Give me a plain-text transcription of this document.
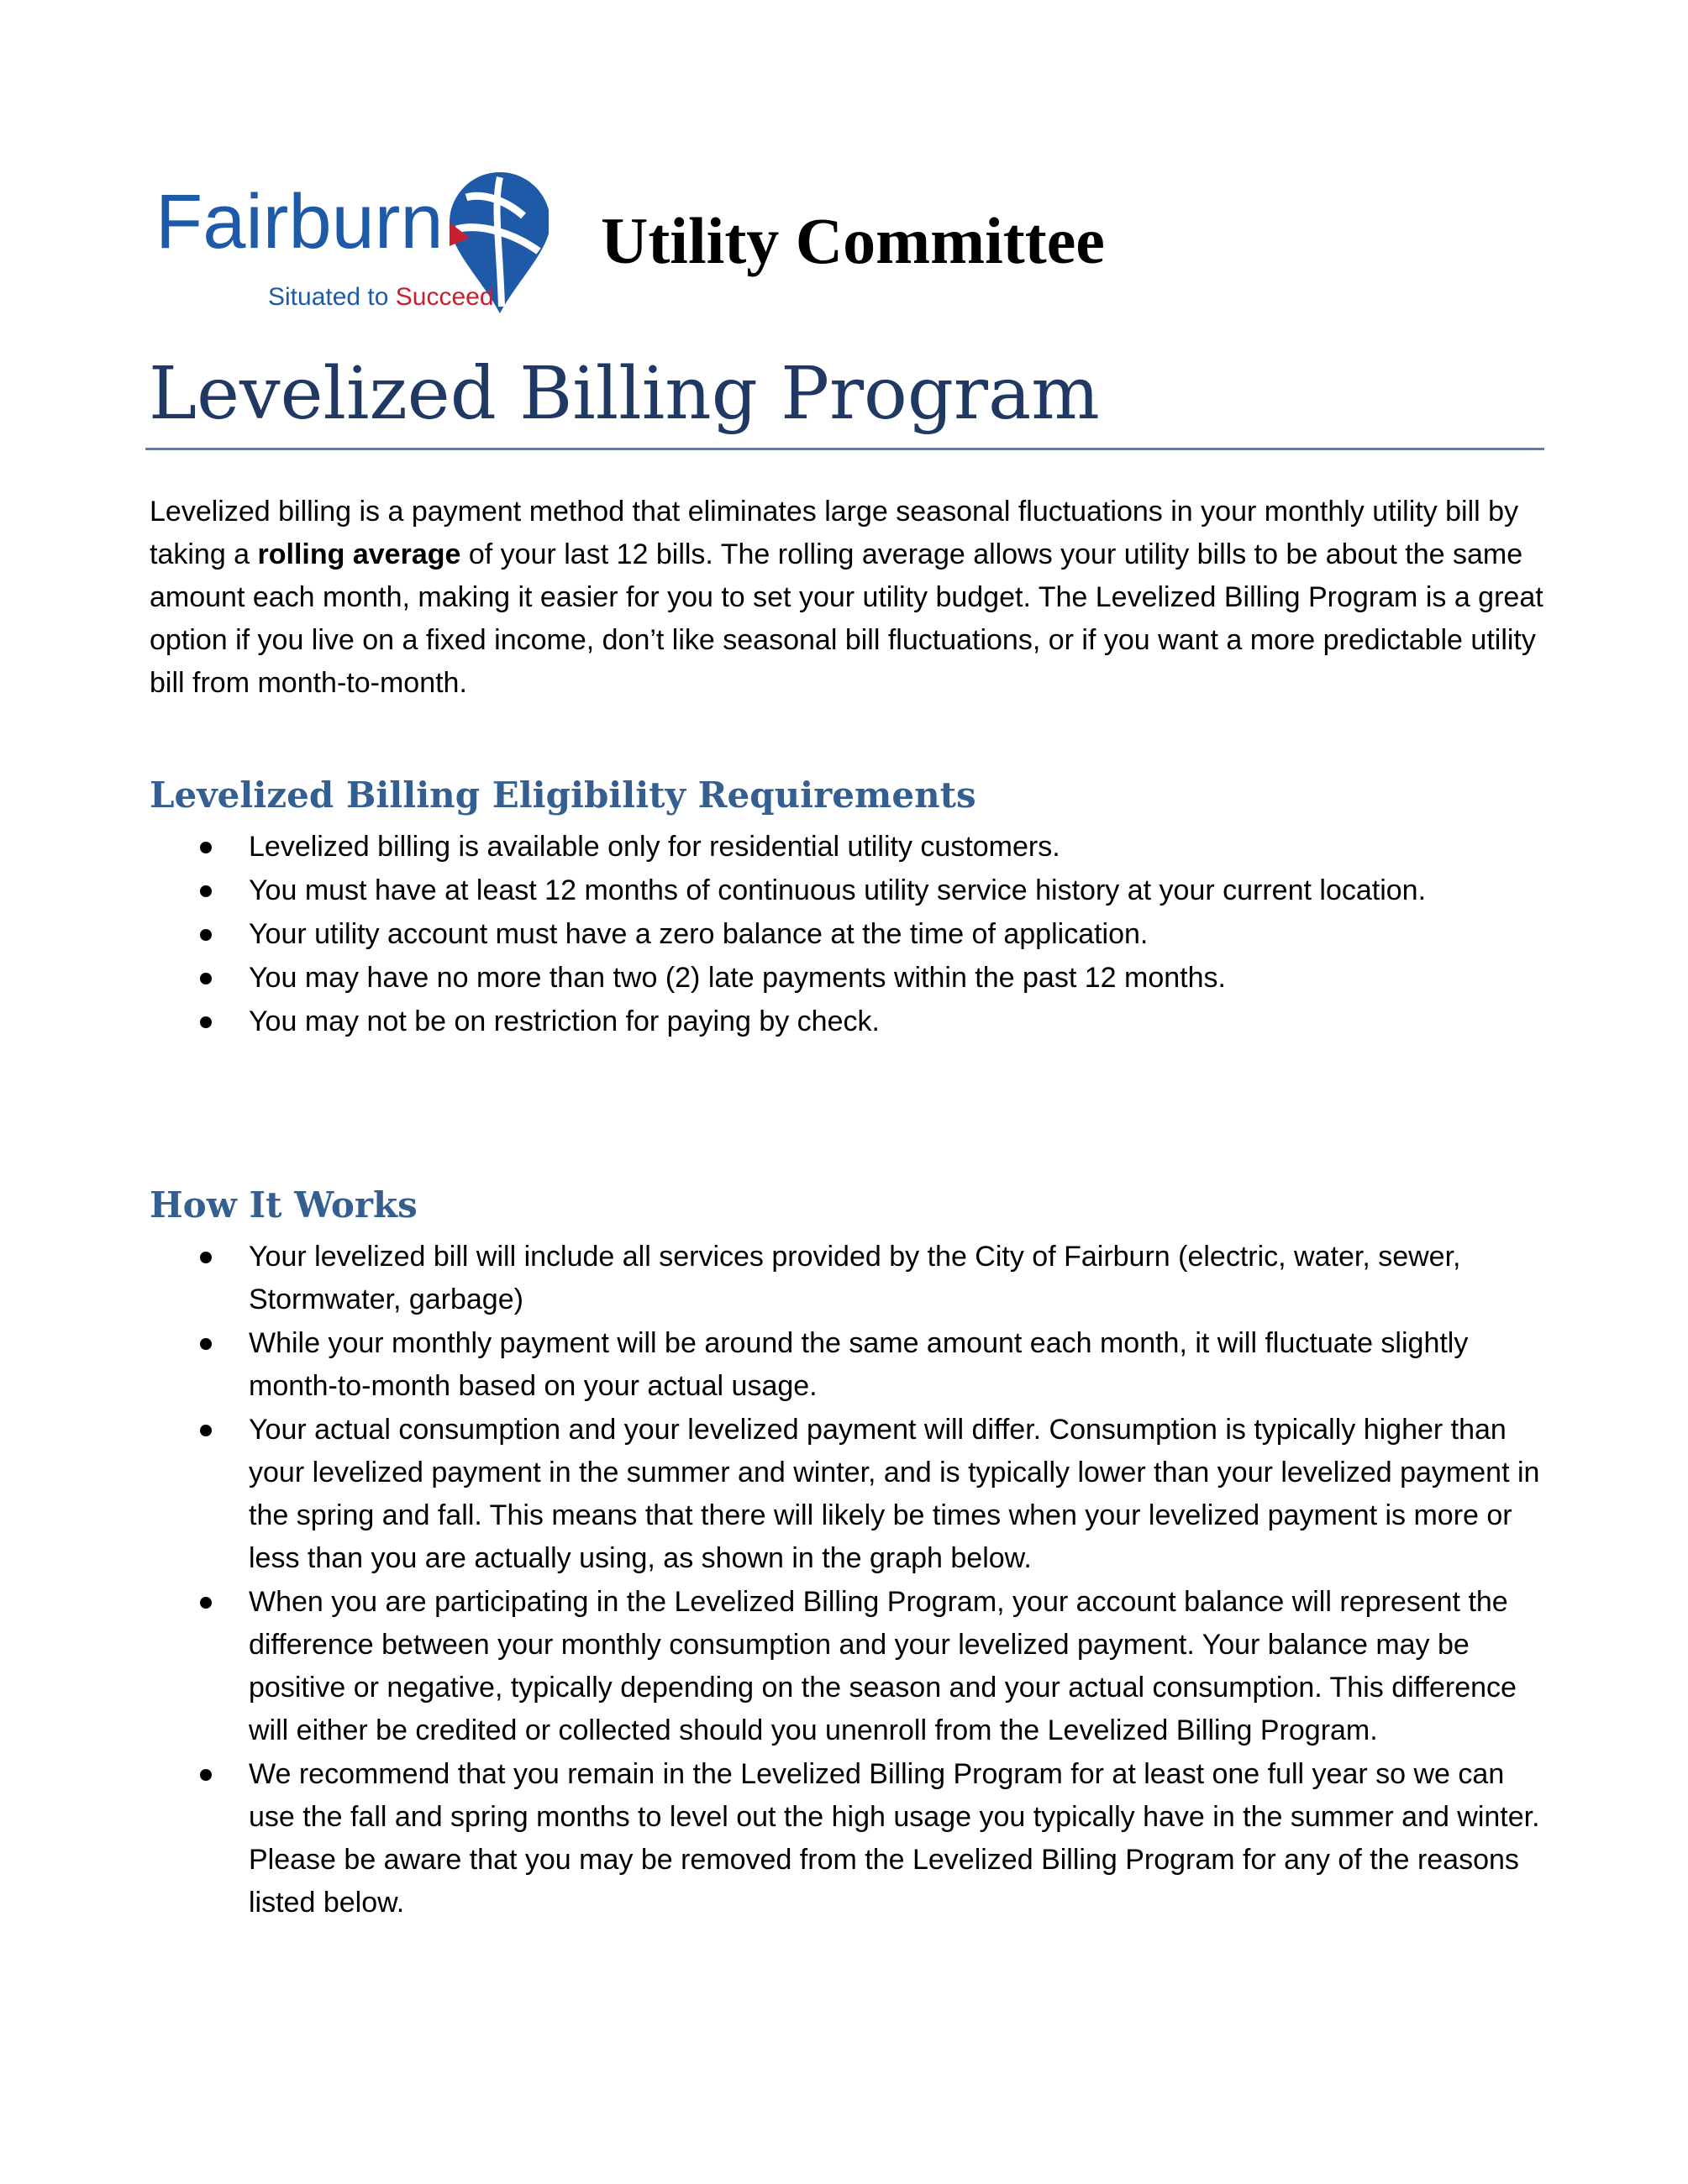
Fairburn
Situated to Succeed
Utility Committee
Levelized Billing Program

Levelized billing is a payment method that eliminates large seasonal fluctuations in your monthly utility bill by taking a rolling average of your last 12 bills. The rolling average allows your utility bills to be about the same amount each month, making it easier for you to set your utility budget. The Levelized Billing Program is a great option if you live on a fixed income, don’t like seasonal bill fluctuations, or if you want a more predictable utility bill from month-to-month.

Levelized Billing Eligibility Requirements
Levelized billing is available only for residential utility customers.
You must have at least 12 months of continuous utility service history at your current location.
Your utility account must have a zero balance at the time of application.
You may have no more than two (2) late payments within the past 12 months.
You may not be on restriction for paying by check.
How It Works
Your levelized bill will include all services provided by the City of Fairburn (electric, water, sewer, Stormwater, garbage)
While your monthly payment will be around the same amount each month, it will fluctuate slightly month-to-month based on your actual usage.
Your actual consumption and your levelized payment will differ. Consumption is typically higher than your levelized payment in the summer and winter, and is typically lower than your levelized payment in the spring and fall. This means that there will likely be times when your levelized payment is more or less than you are actually using, as shown in the graph below.
When you are participating in the Levelized Billing Program, your account balance will represent the difference between your monthly consumption and your levelized payment. Your balance may be positive or negative, typically depending on the season and your actual consumption. This difference will either be credited or collected should you unenroll from the Levelized Billing Program.
We recommend that you remain in the Levelized Billing Program for at least one full year so we can use the fall and spring months to level out the high usage you typically have in the summer and winter. Please be aware that you may be removed from the Levelized Billing Program for any of the reasons listed below.
